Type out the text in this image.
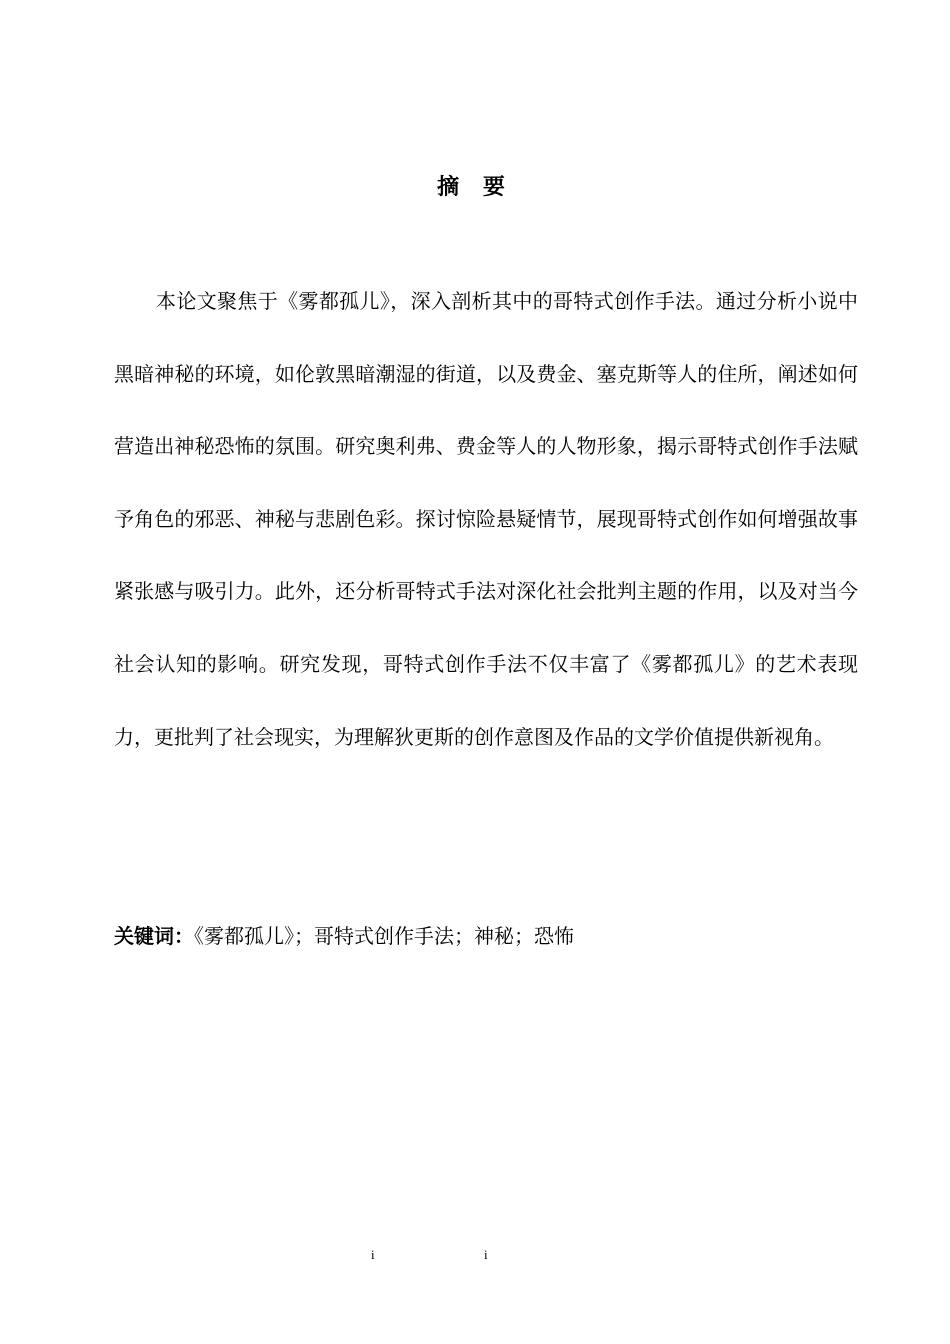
摘 要

本论文聚焦于《雾都孤儿》，深入剖析其中的哥特式创作手法。通过分析小说中黑暗神秘的环境，如伦敦黑暗潮湿的街道，以及费金、塞克斯等人的住所，阐述如何营造出神秘恐怖的氛围。研究奥利弗、费金等人的人物形象，揭示哥特式创作手法赋予角色的邪恶、神秘与悲剧色彩。探讨惊险悬疑情节，展现哥特式创作如何增强故事紧张感与吸引力。此外，还分析哥特式手法对深化社会批判主题的作用，以及对当今社会认知的影响。研究发现，哥特式创作手法不仅丰富了《雾都孤儿》的艺术表现力，更批判了社会现实，为理解狄更斯的创作意图及作品的文学价值提供新视角。

关键词：《雾都孤儿》；哥特式创作手法；神秘；恐怖
i	i
